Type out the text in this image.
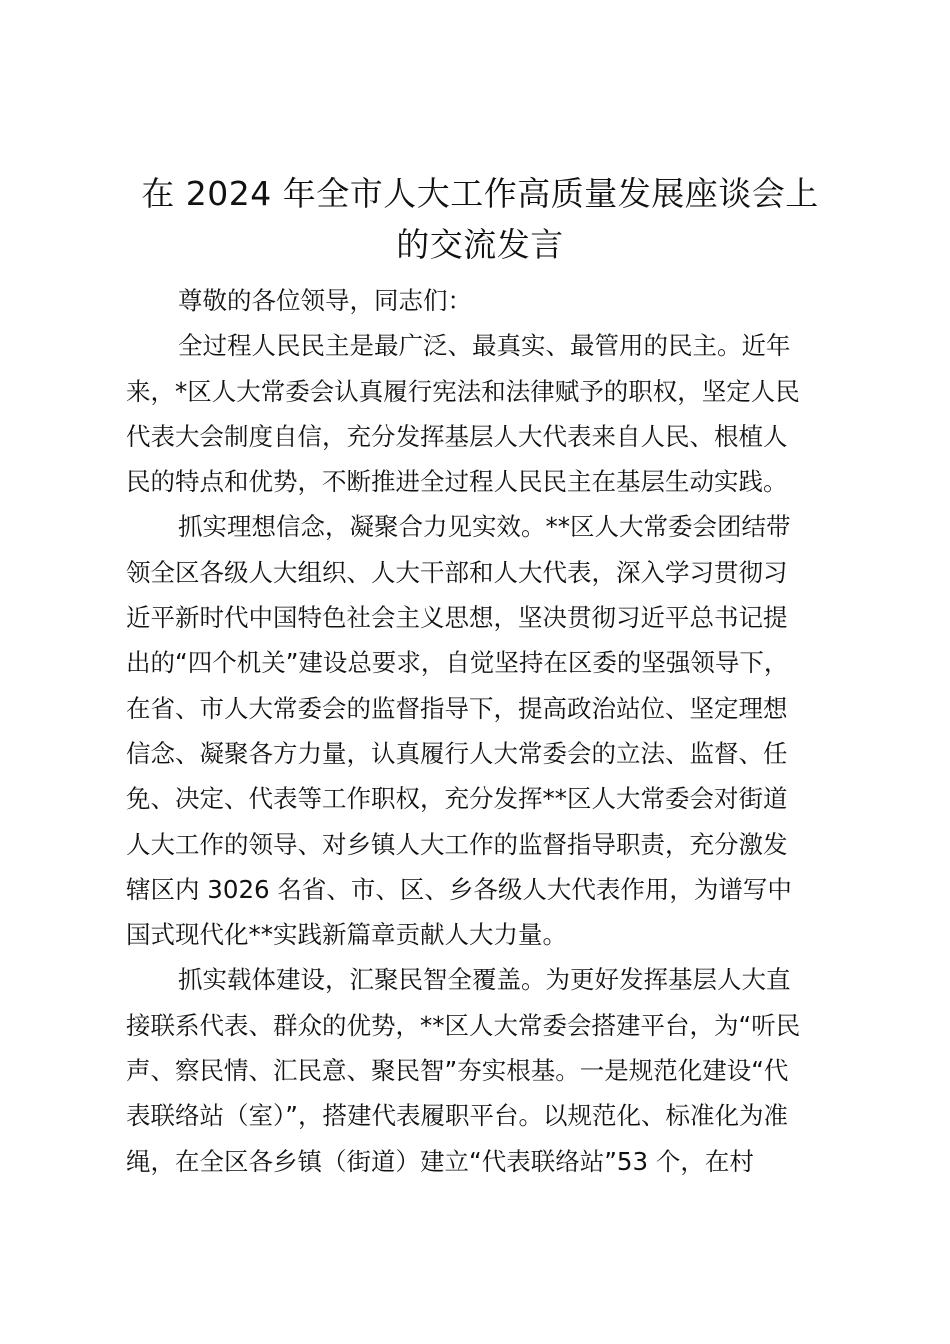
在 2024 年全市人大工作高质量发展座谈会上
的交流发言

尊敬的各位领导，同志们：

全过程人民民主是最广泛、最真实、最管用的民主。近年
来，*区人大常委会认真履行宪法和法律赋予的职权，坚定人民
代表大会制度自信，充分发挥基层人大代表来自人民、根植人
民的特点和优势，不断推进全过程人民民主在基层生动实践。

抓实理想信念，凝聚合力见实效。**区人大常委会团结带
领全区各级人大组织、人大干部和人大代表，深入学习贯彻习
近平新时代中国特色社会主义思想，坚决贯彻习近平总书记提
出的“四个机关”建设总要求，自觉坚持在区委的坚强领导下，
在省、市人大常委会的监督指导下，提高政治站位、坚定理想
信念、凝聚各方力量，认真履行人大常委会的立法、监督、任
免、决定、代表等工作职权，充分发挥**区人大常委会对街道
人大工作的领导、对乡镇人大工作的监督指导职责，充分激发
辖区内 3026 名省、市、区、乡各级人大代表作用，为谱写中
国式现代化**实践新篇章贡献人大力量。

抓实载体建设，汇聚民智全覆盖。为更好发挥基层人大直
接联系代表、群众的优势，**区人大常委会搭建平台，为“听民
声、察民情、汇民意、聚民智”夯实根基。一是规范化建设“代
表联络站（室）”，搭建代表履职平台。以规范化、标准化为准
绳，在全区各乡镇（街道）建立“代表联络站”53 个，在村
